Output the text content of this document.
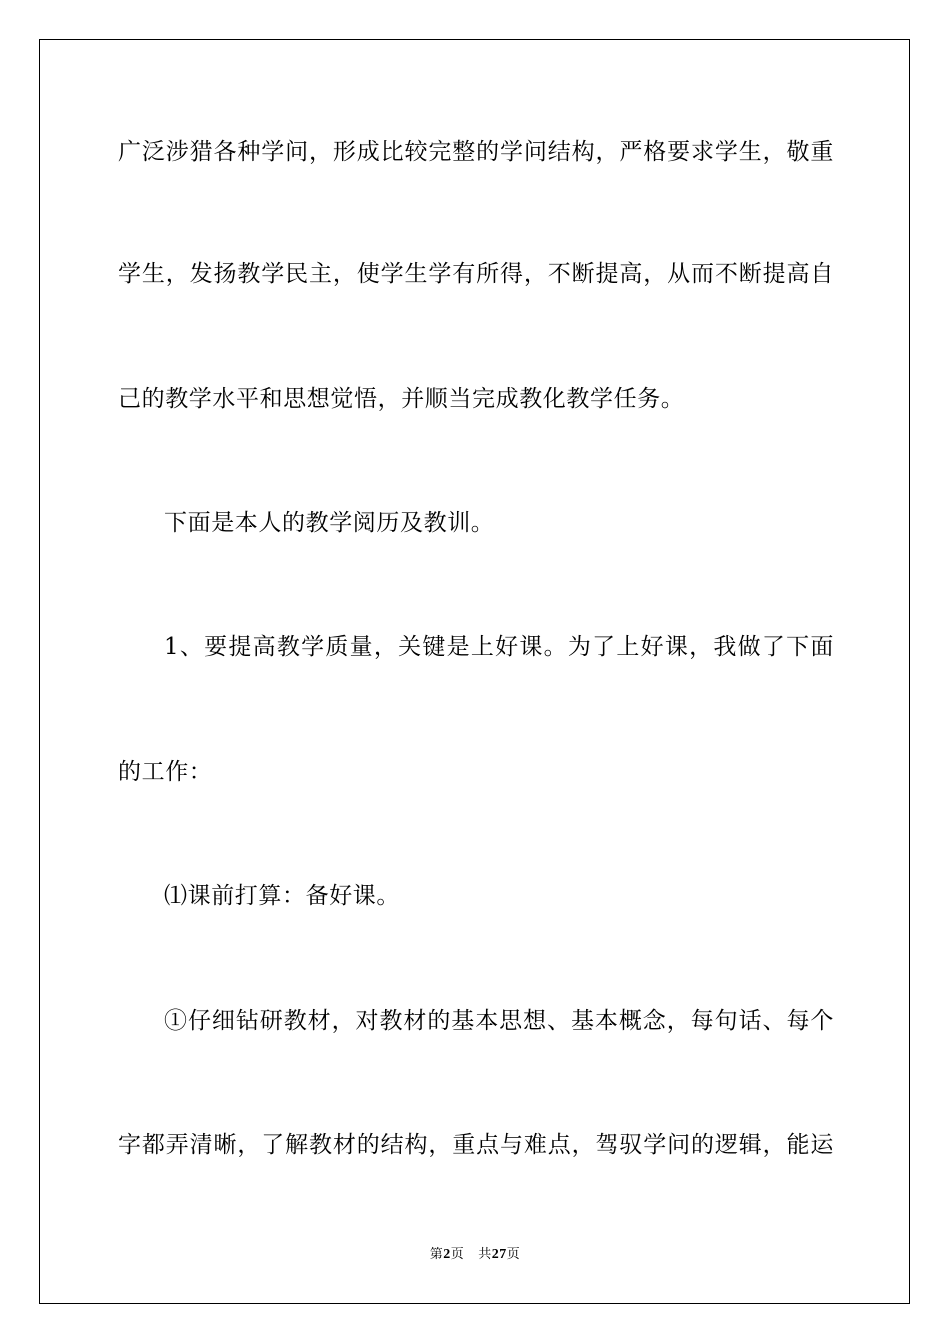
广泛涉猎各种学问，形成比较完整的学问结构，严格要求学生，敬重
学生，发扬教学民主，使学生学有所得，不断提高，从而不断提高自
己的教学水平和思想觉悟，并顺当完成教化教学任务。
下面是本人的教学阅历及教训。
1、要提高教学质量，关键是上好课。为了上好课，我做了下面
的工作：
⑴课前打算：备好课。
①仔细钻研教材，对教材的基本思想、基本概念，每句话、每个
字都弄清晰，了解教材的结构，重点与难点，驾驭学问的逻辑，能运
第2页 共27页
